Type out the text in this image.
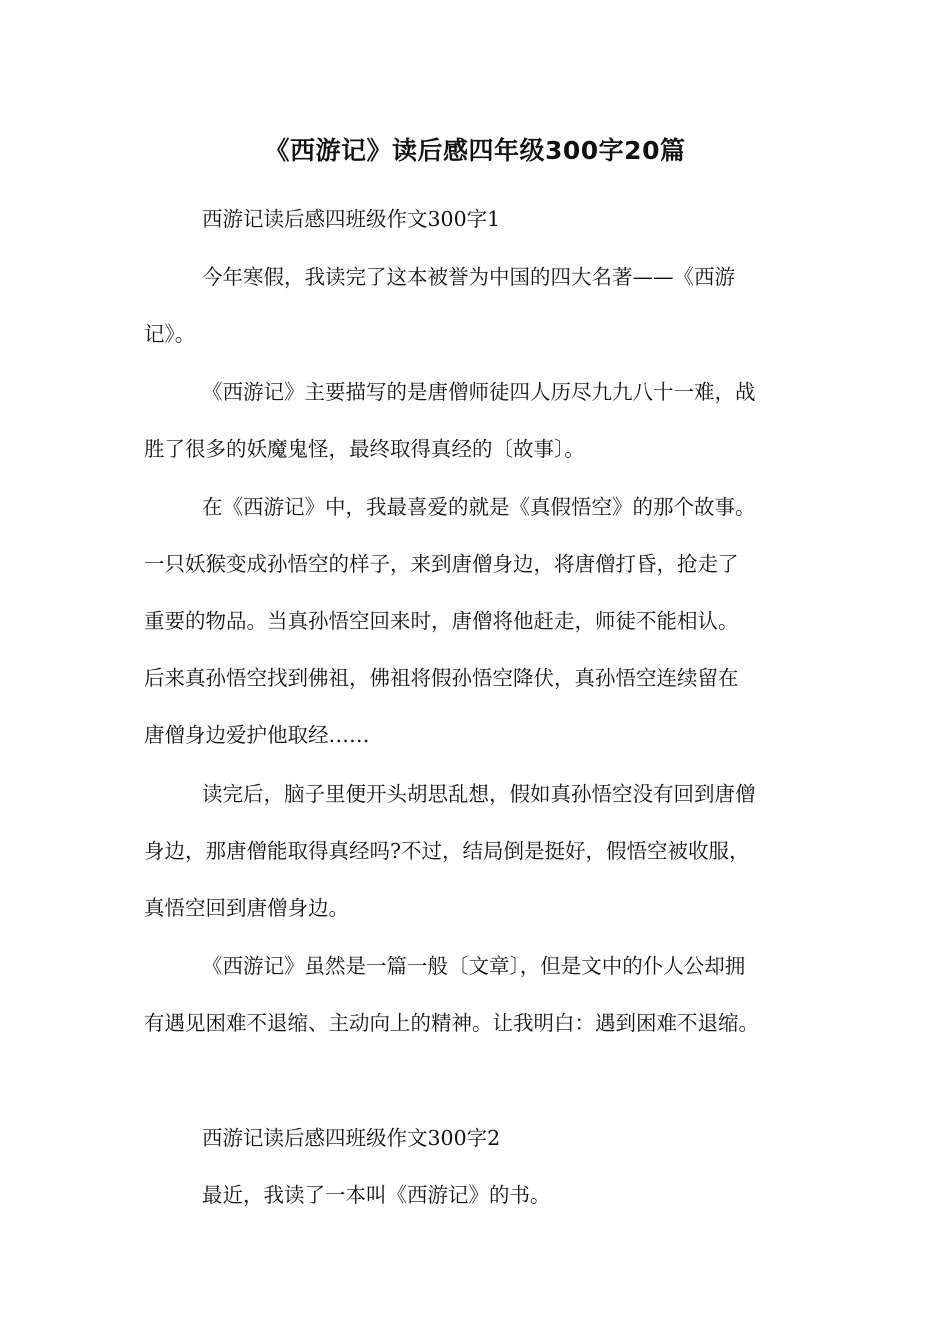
《西游记》读后感四年级300字20篇
西游记读后感四班级作文300字1
今年寒假，我读完了这本被誉为中国的四大名著——《西游
记》。
《西游记》主要描写的是唐僧师徒四人历尽九九八十一难，战
胜了很多的妖魔鬼怪，最终取得真经的〔故事〕。
在《西游记》中，我最喜爱的就是《真假悟空》的那个故事。
一只妖猴变成孙悟空的样子，来到唐僧身边，将唐僧打昏，抢走了
重要的物品。当真孙悟空回来时，唐僧将他赶走，师徒不能相认。
后来真孙悟空找到佛祖，佛祖将假孙悟空降伏，真孙悟空连续留在
唐僧身边爱护他取经……
读完后，脑子里便开头胡思乱想，假如真孙悟空没有回到唐僧
身边，那唐僧能取得真经吗?不过，结局倒是挺好，假悟空被收服，
真悟空回到唐僧身边。
《西游记》虽然是一篇一般〔文章〕，但是文中的仆人公却拥
有遇见困难不退缩、主动向上的精神。让我明白：遇到困难不退缩。
西游记读后感四班级作文300字2
最近，我读了一本叫《西游记》的书。
